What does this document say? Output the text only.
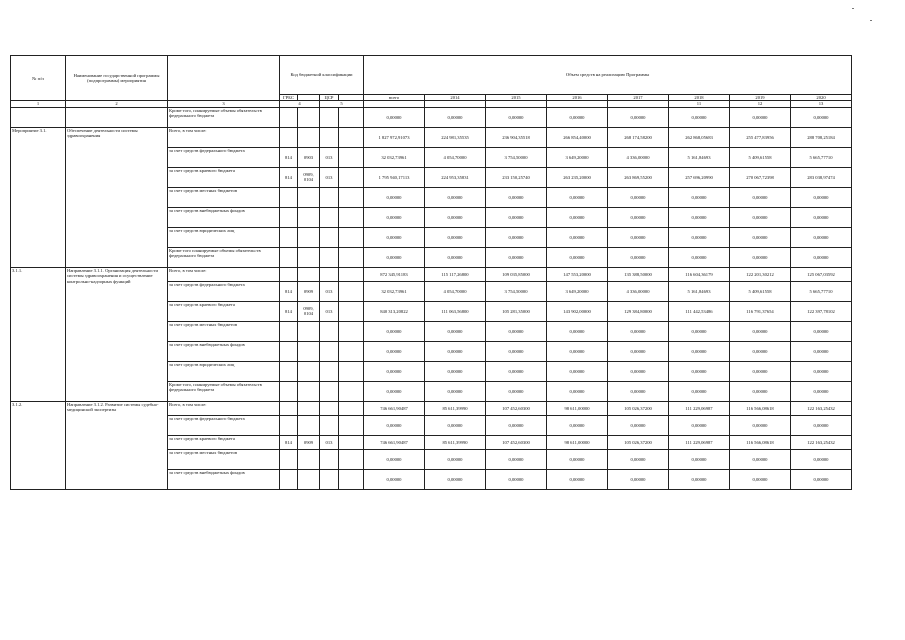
№ п/п	Наименование государственной программы (подпрограммы) мероприятия		Код бюджетной классификации				Объем средств на реализацию Программы							
			ГРБС		ЦСР		всего	2014	2015	2016	2017	2018	2019	2020
1	2	3	4		5							11	12	13
		Кроме того, планируемые объемы обязательств федерального бюджета					0,00000	0,00000	0,00000	0,00000	0,00000	0,00000	0,00000	0,00000
Мероприятие 3.1.	Обеспечение деятельности системы здравоохранения	Всего, в том числе:					1 827 972,91073	224 981,35535	236 904,35518	266 854,40000	268 174,58200	262 868,05683	255 477,83956	288 708,25184
		за счет средств федерального бюджета	814	0903	013		32 032,73961	4 054,70000	3 754,50000	3 649,20000	4 336,00000	5 161,84693	5 409,61558	5 665,77710
		за счет средств краевого бюджета	814	0909, 0104	013		1 795 940,17113	224 953,35831	233 150,25740	263 235,20000	263 869,55200	257 696,20990	270 067,72398	283 038,97474
		за счет средств местных бюджетов					0,00000	0,00000	0,00000	0,00000	0,00000	0,00000	0,00000	0,00000
		за счет средств внебюджетных фондов					0,00000	0,00000	0,00000	0,00000	0,00000	0,00000	0,00000	0,00000
		за счет средств юридических лиц					0,00000	0,00000	0,00000	0,00000	0,00000	0,00000	0,00000	0,00000
		Кроме того планируемые объемы обязательств федерального бюджета					0,00000	0,00000	0,00000	0,00000	0,00000	0,00000	0,00000	0,00000
3.1.1.	Направление 3.1.1. Организация деятельности системы здравоохранения и осуществление контрольно-надзорных функций	Всего, в том числе:					872 345,91183	115 117,26800	109 035,85000	147 553,20000	135 388,50000	116 604,36179	122 201,30212	125 067,03592
		за счет средств федерального бюджета	814	0909	013		32 032,73961	4 054,70000	3 754,50000	3 649,20000	4 336,00000	5 161,84693	5 409,61558	5 665,77710
		за счет средств краевого бюджета	814	0909, 0104	013		840 313,20822	111 063,56800	105 281,35000	143 902,00000	129 384,80000	111 442,53486	116 791,37654	122 397,78102
		за счет средств местных бюджетов					0,00000	0,00000	0,00000	0,00000	0,00000	0,00000	0,00000	0,00000
		за счет средств внебюджетных фондов					0,00000	0,00000	0,00000	0,00000	0,00000	0,00000	0,00000	0,00000
		за счет средств юридических лиц					0,00000	0,00000	0,00000	0,00000	0,00000	0,00000	0,00000	0,00000
		Кроме того, планируемые объемы обязательств федерального бюджета					0,00000	0,00000	0,00000	0,00000	0,00000	0,00000	0,00000	0,00000
3.1.2.	Направление 3.1.2. Развитие системы судебно-медицинской экспертизы	Всего, в том числе:					746 661,90487	85 611,39990	107 452,60300	98 611,00000	105 026,37200	111 229,06987	116 566,08618	122 163,25432
		за счет средств федерального бюджета					0,00000	0,00000	0,00000	0,00000	0,00000	0,00000	0,00000	0,00000
		за счет средств краевого бюджета	814	0909	013		746 661,90487	85 611,39990	107 452,60300	98 611,00000	105 026,37200	111 229,06987	116 566,08618	122 163,25432
		за счет средств местных бюджетов					0,00000	0,00000	0,00000	0,00000	0,00000	0,00000	0,00000	0,00000
		за счет средств внебюджетных фондов					0,00000	0,00000	0,00000	0,00000	0,00000	0,00000	0,00000	0,00000
